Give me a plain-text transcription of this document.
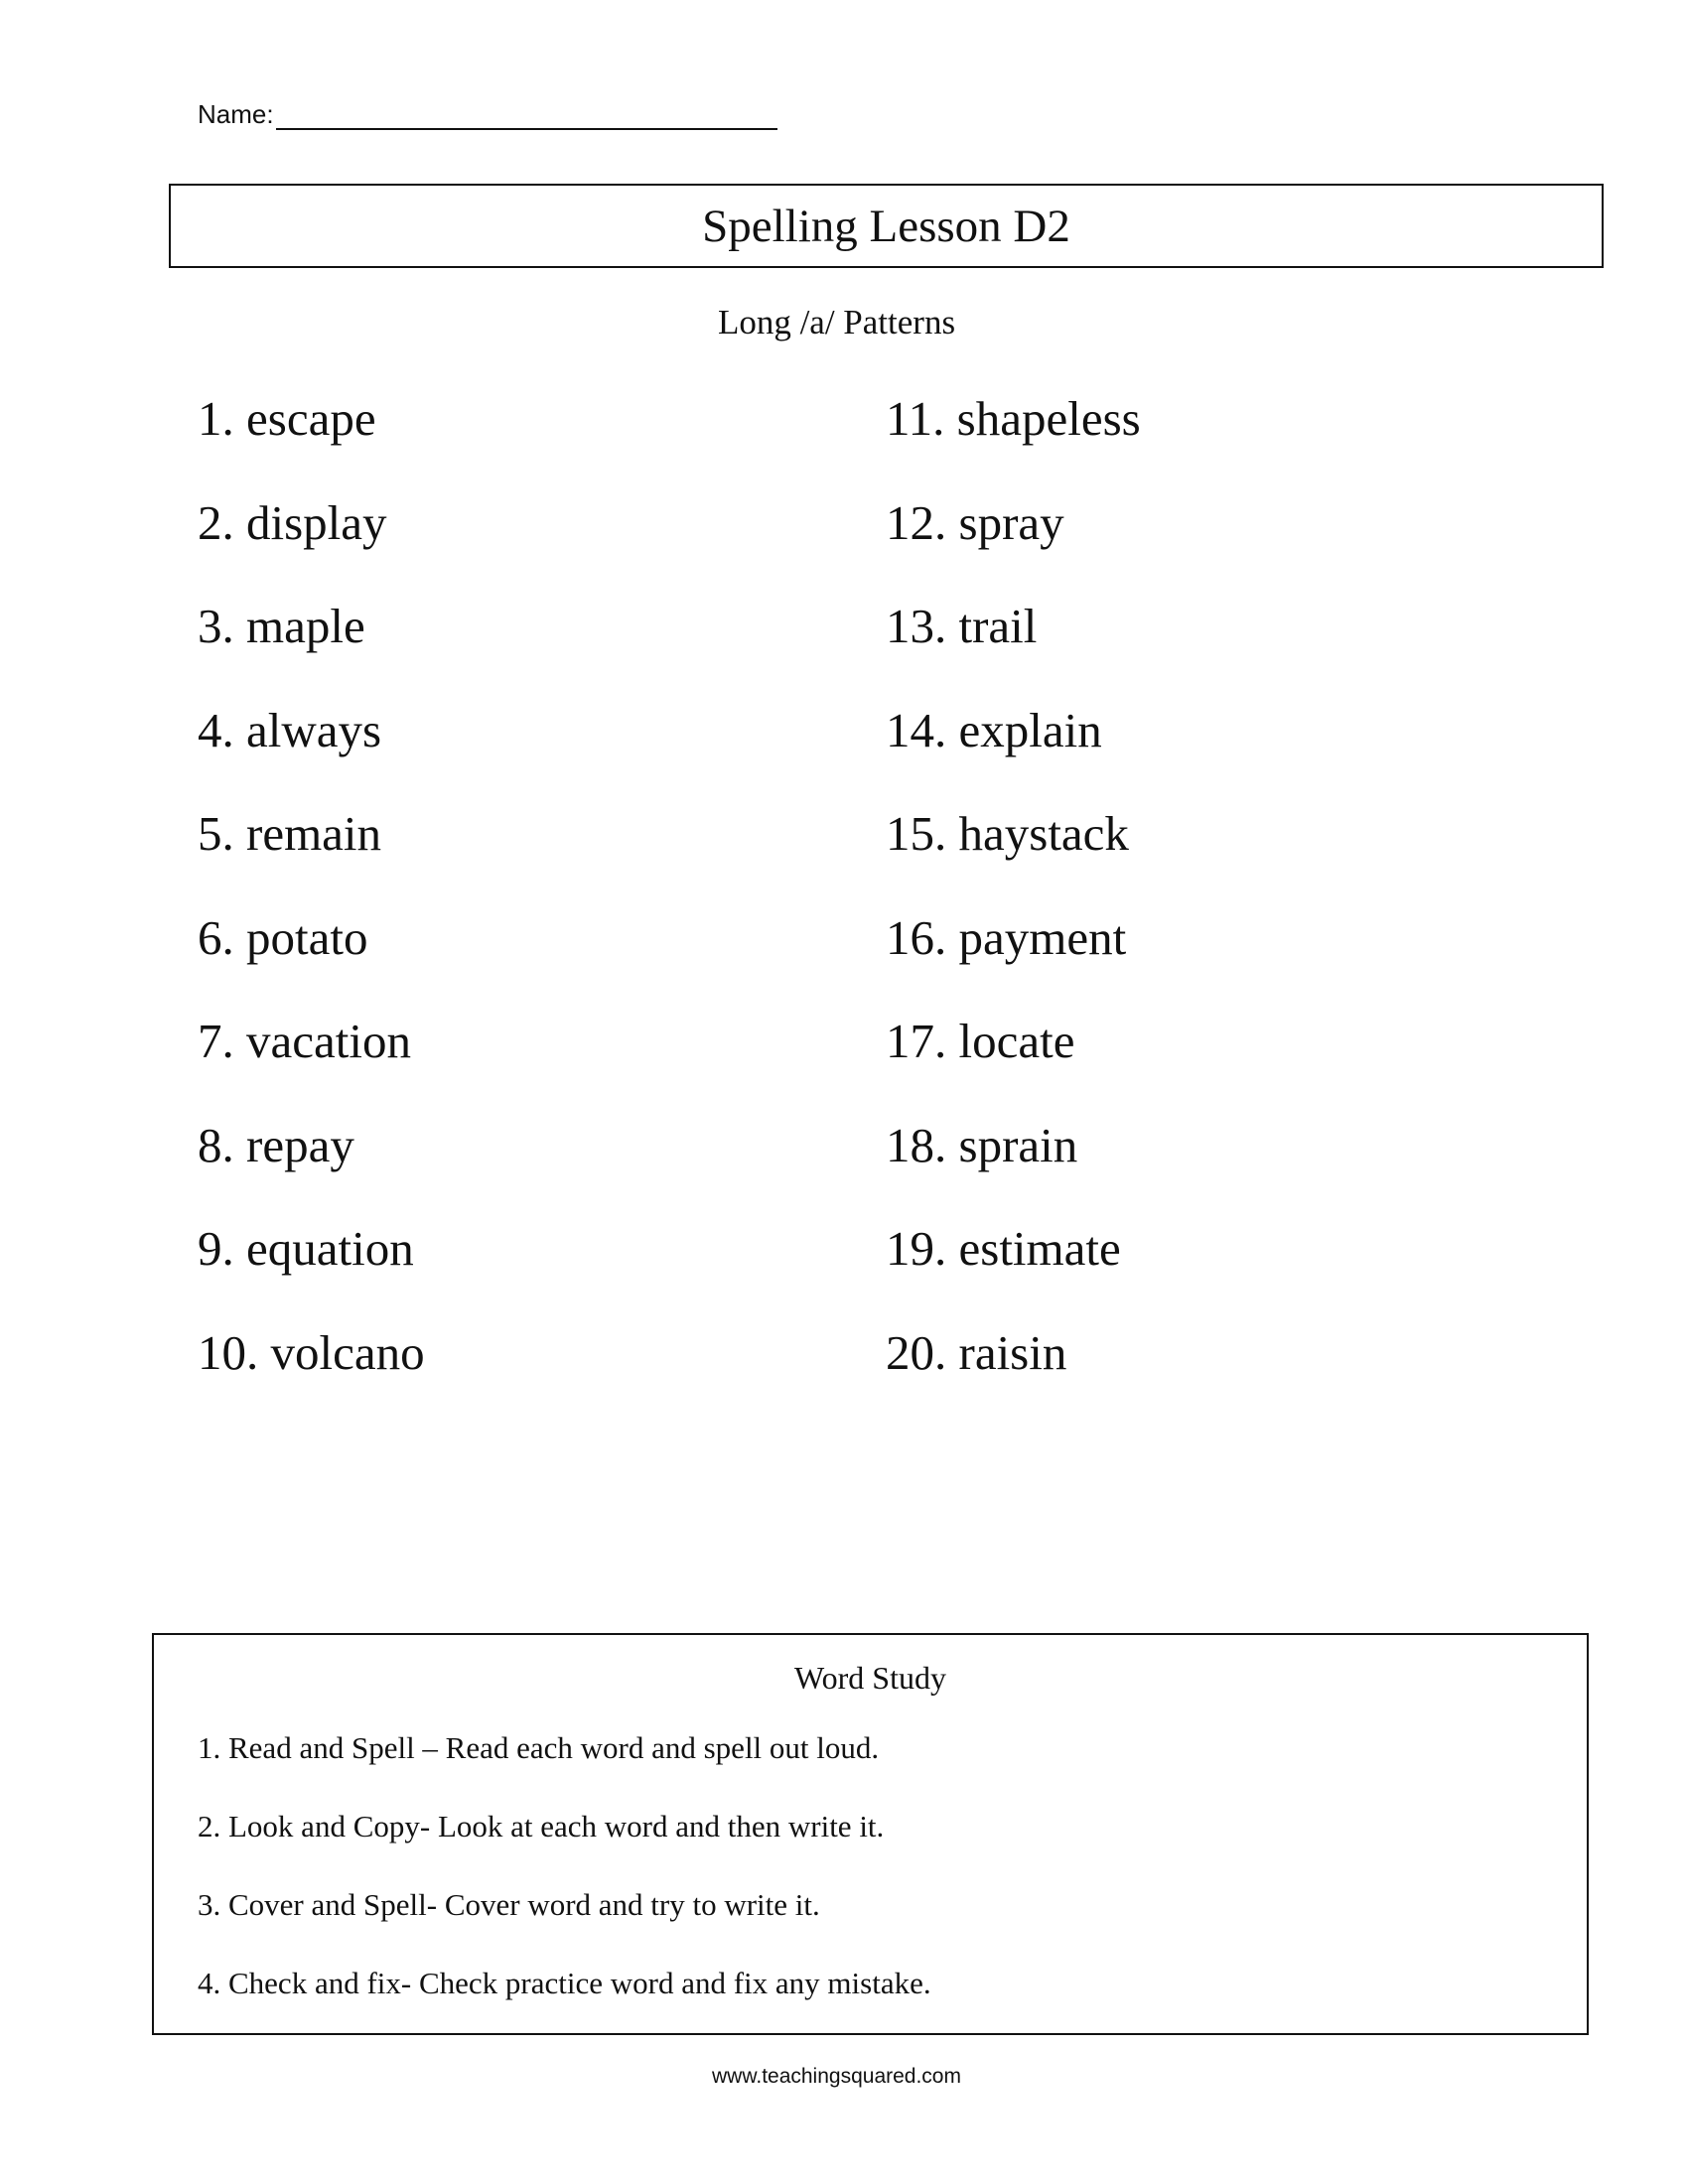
Name:
Spelling Lesson D2
Long /a/ Patterns
1. escape
2. display
3. maple
4. always
5. remain
6. potato
7. vacation
8. repay
9. equation
10. volcano
11. shapeless
12. spray
13. trail
14. explain
15. haystack
16. payment
17. locate
18. sprain
19. estimate
20. raisin
Word Study
1. Read and Spell – Read each word and spell out loud.
2. Look and Copy- Look at each word and then write it.
3. Cover and Spell- Cover word and try to write it.
4. Check and fix- Check practice word and fix any mistake.
www.teachingsquared.com
